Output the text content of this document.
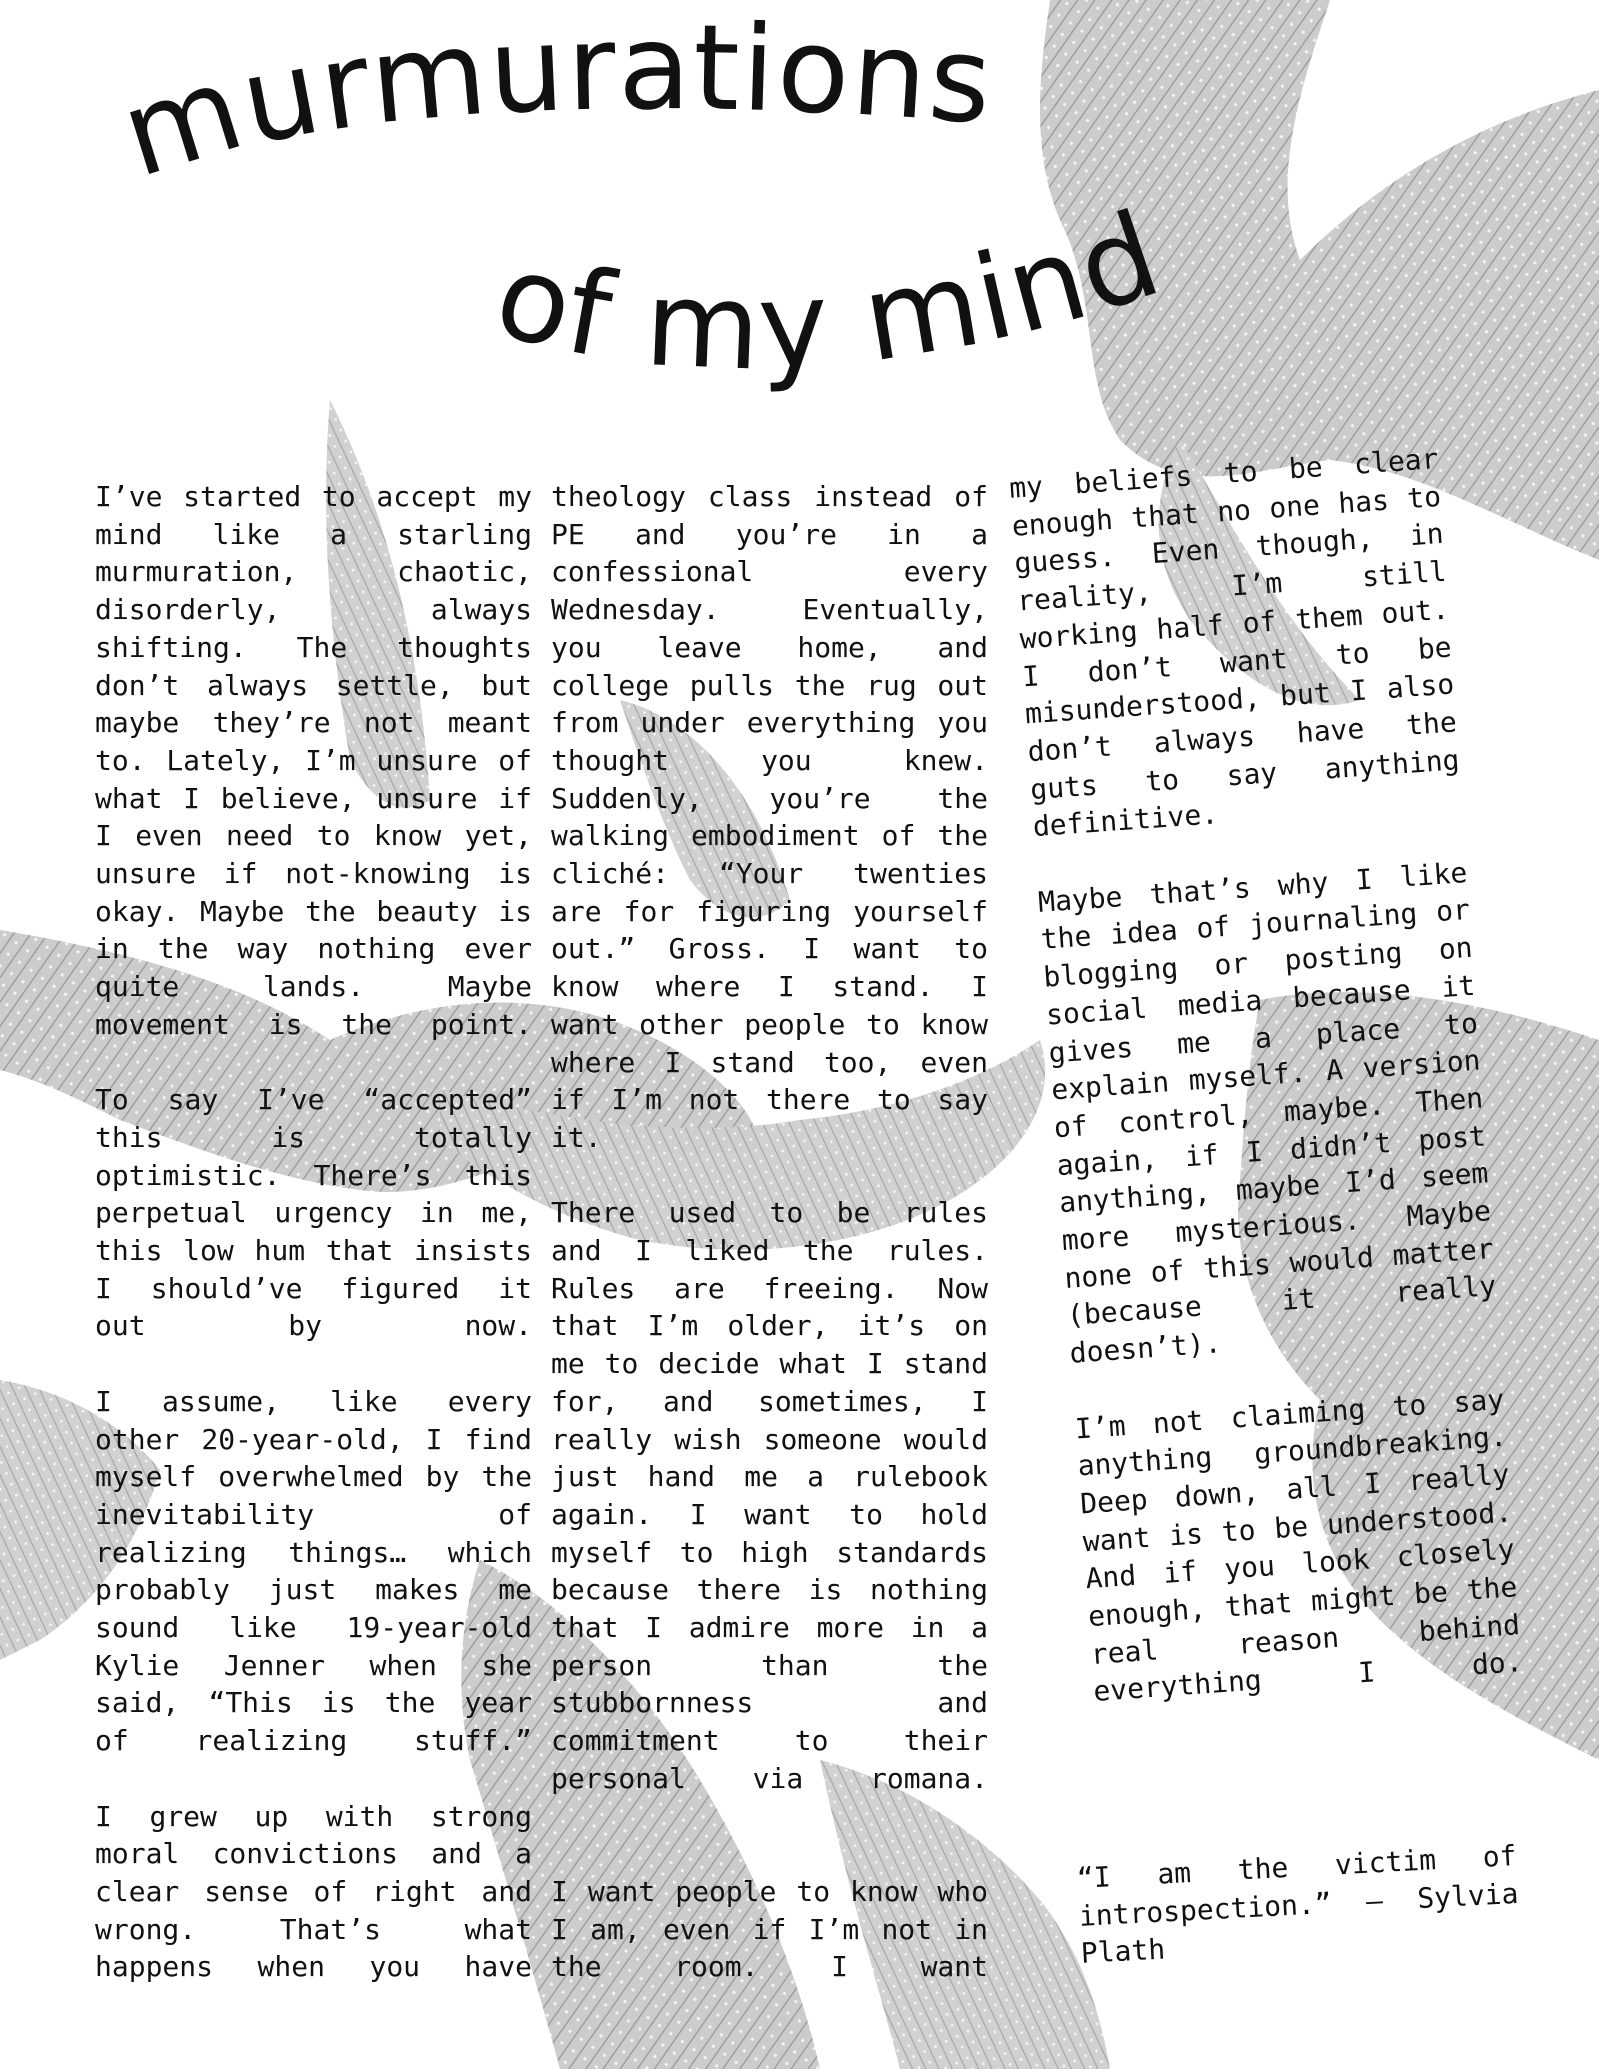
murmurations
of my mind

I’ve started to accept my mind like a starling murmuration, chaotic, disorderly, always shifting. The thoughts don’t always settle, but maybe they’re not meant to. Lately, I’m unsure of what I believe, unsure if I even need to know yet, unsure if not-knowing is okay. Maybe the beauty is in the way nothing ever quite lands. Maybe movement is the point.

To say I’ve “accepted” this is totally optimistic. There’s this perpetual urgency in me, this low hum that insists I should’ve figured it out by now.

I assume, like every other 20-year-old, I find myself overwhelmed by the inevitability of realizing things… which probably just makes me sound like 19-year-old Kylie Jenner when she said, “This is the year of realizing stuff.”

I grew up with strong moral convictions and a clear sense of right and wrong. That’s what happens when you have

theology class instead of PE and you’re in a confessional every Wednesday. Eventually, you leave home, and college pulls the rug out from under everything you thought you knew. Suddenly, you’re the walking embodiment of the cliché: “Your twenties are for figuring yourself out.” Gross. I want to know where I stand. I want other people to know where I stand too, even if I’m not there to say it.

There used to be rules and I liked the rules. Rules are freeing. Now that I’m older, it’s on me to decide what I stand for, and sometimes, I really wish someone would just hand me a rulebook again. I want to hold myself to high standards because there is nothing that I admire more in a person than the stubbornness and commitment to their personal via romana.

I want people to know who I am, even if I’m not in the room. I want

my beliefs to be clear enough that no one has to guess. Even though, in reality, I’m still working half of them out. I don’t want to be misunderstood, but I also don’t always have the guts to say anything definitive.

Maybe that’s why I like the idea of journaling or blogging or posting on social media because it gives me a place to explain myself. A version of control, maybe. Then again, if I didn’t post anything, maybe I’d seem more mysterious. Maybe none of this would matter (because it really doesn’t).

I’m not claiming to say anything groundbreaking. Deep down, all I really want is to be understood. And if you look closely enough, that might be the real reason behind everything I do.

“I am the victim of introspection.” — Sylvia Plath
